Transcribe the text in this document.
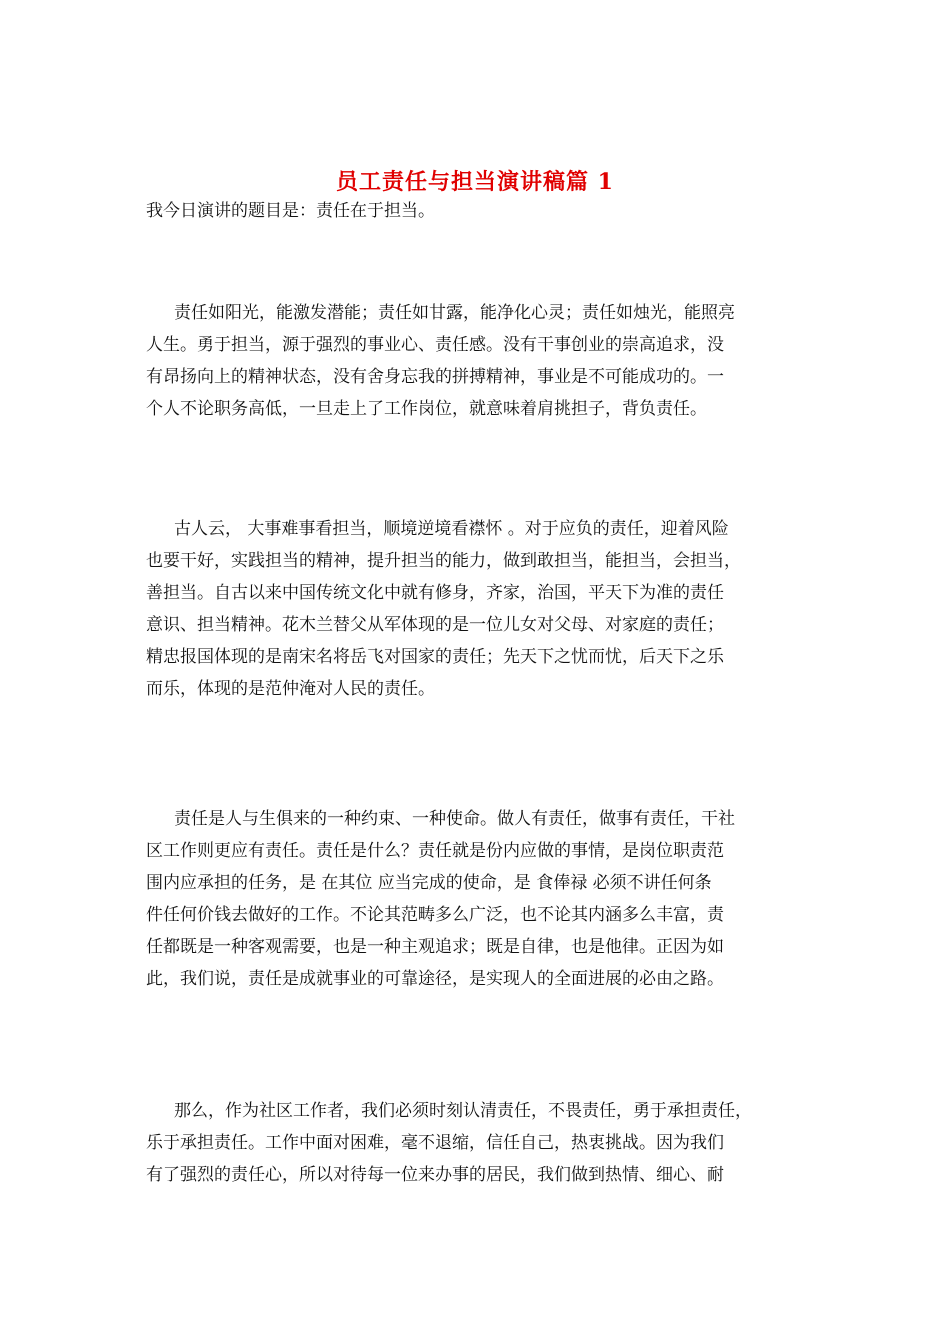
员工责任与担当演讲稿篇 1
我今日演讲的题目是：责任在于担当。

责任如阳光，能激发潜能；责任如甘露，能净化心灵；责任如烛光，能照亮
人生。勇于担当，源于强烈的事业心、责任感。没有干事创业的崇高追求，没
有昂扬向上的精神状态，没有舍身忘我的拼搏精神，事业是不可能成功的。一
个人不论职务高低，一旦走上了工作岗位，就意味着肩挑担子，背负责任。

古人云， 大事难事看担当，顺境逆境看襟怀 。对于应负的责任，迎着风险
也要干好，实践担当的精神，提升担当的能力，做到敢担当，能担当，会担当，
善担当。自古以来中国传统文化中就有修身，齐家，治国，平天下为准的责任
意识、担当精神。花木兰替父从军体现的是一位儿女对父母、对家庭的责任；
精忠报国体现的是南宋名将岳飞对国家的责任；先天下之忧而忧，后天下之乐
而乐，体现的是范仲淹对人民的责任。

责任是人与生俱来的一种约束、一种使命。做人有责任，做事有责任，干社
区工作则更应有责任。责任是什么？责任就是份内应做的事情，是岗位职责范
围内应承担的任务，是 在其位 应当完成的使命，是 食俸禄 必须不讲任何条
件任何价钱去做好的工作。不论其范畴多么广泛，也不论其内涵多么丰富，责
任都既是一种客观需要，也是一种主观追求；既是自律，也是他律。正因为如
此，我们说，责任是成就事业的可靠途径，是实现人的全面进展的必由之路。

那么，作为社区工作者，我们必须时刻认清责任，不畏责任，勇于承担责任，
乐于承担责任。工作中面对困难，毫不退缩，信任自己，热衷挑战。因为我们
有了强烈的责任心，所以对待每一位来办事的居民，我们做到热情、细心、耐
